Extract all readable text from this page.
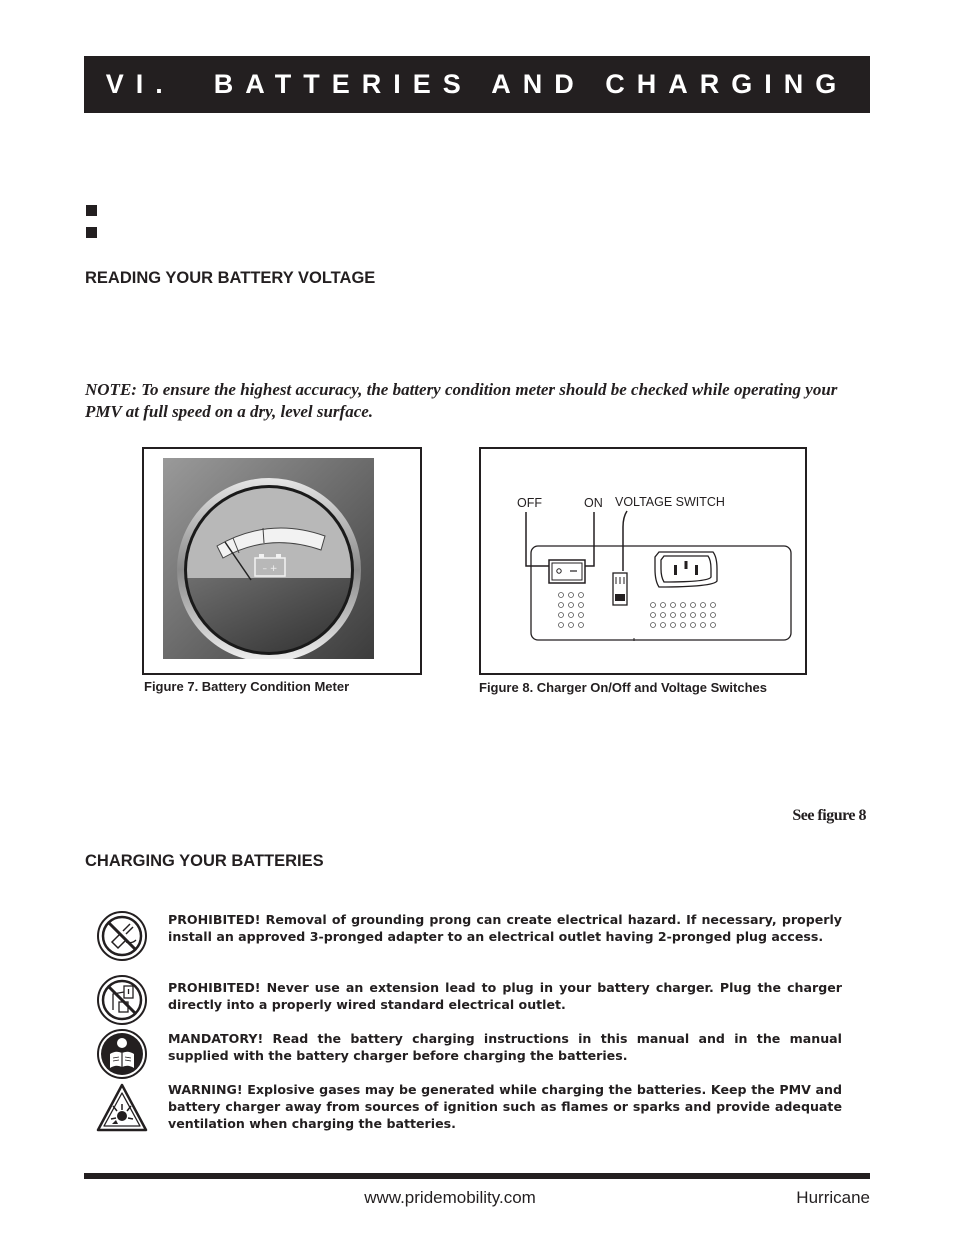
VI.  BATTERIES AND CHARGING
READING YOUR BATTERY VOLTAGE
NOTE: To ensure the highest accuracy, the battery condition meter should be checked while operating your PMV at full speed on a dry, level surface.
– +
Figure 7. Battery Condition Meter
OFF	ON VOLTAGE SWITCH
Figure 8. Charger On/Off and Voltage Switches
See figure 8
CHARGING YOUR BATTERIES
PROHIBITED! Removal of grounding prong can create electrical hazard. If necessary, properly install an approved 3-pronged adapter to an electrical outlet having 2-pronged plug access.
PROHIBITED! Never use an extension lead to plug in your battery charger. Plug the charger directly into a properly wired standard electrical outlet.
MANDATORY! Read the battery charging instructions in this manual and in the manual supplied with the battery charger before charging the batteries.
WARNING! Explosive gases may be generated while charging the batteries. Keep the PMV and battery charger away from sources of ignition such as flames or sparks and provide adequate ventilation when charging the batteries.
www.pridemobility.com	Hurricane
